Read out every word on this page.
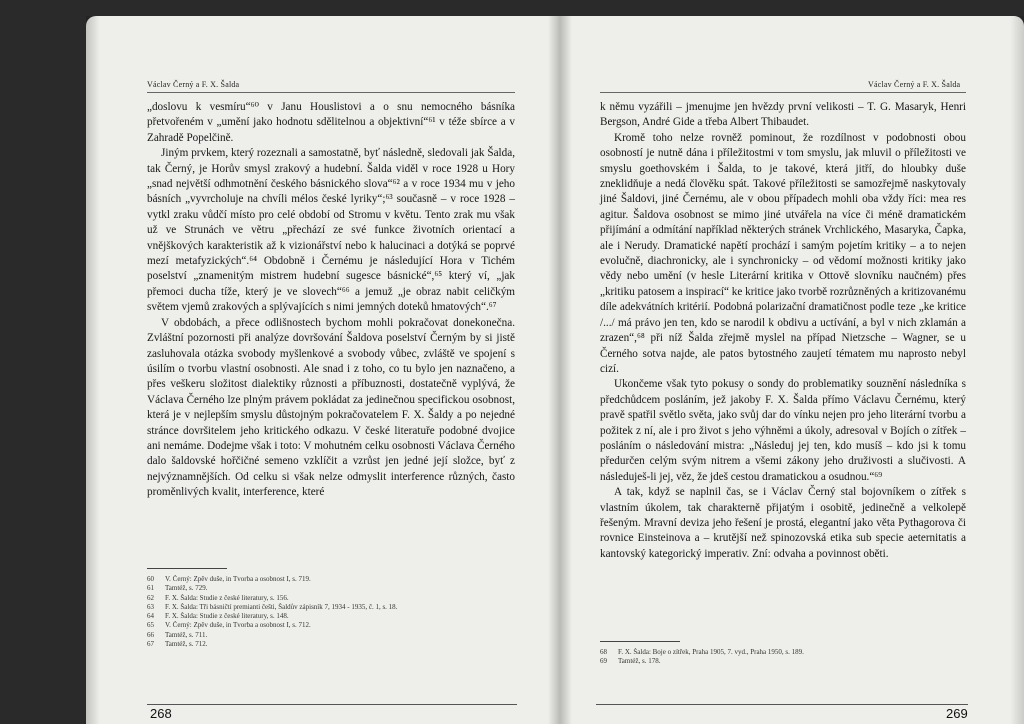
Václav Černý a F. X. Šalda

„doslovu k vesmíru“⁶⁰ v Janu Houslistovi a o snu nemocného básníka přetvořeném v „umění jako hodnotu sdělitelnou a objektivní“⁶¹ v téže sbírce a v Zahradě Popelčině.

Jiným prvkem, který rozeznali a samostatně, byť následně, sledovali jak Šalda, tak Černý, je Horův smysl zrakový a hudební. Šalda viděl v roce 1928 u Hory „snad největší odhmotnění českého básnického slova“⁶² a v roce 1934 mu v jeho básních „vyvrcholuje na chvíli mélos české lyriky“;⁶³ současně – v roce 1928 – vytkl zraku vůdčí místo pro celé období od Stromu v květu. Tento zrak mu však už ve Strunách ve větru „přechází ze své funkce životních orientací a vnějškových karakteristik až k vizionářství nebo k halucinaci a dotýká se poprvé mezí metafyzických“.⁶⁴ Obdobně i Černému je následující Hora v Tichém poselství „znamenitým mistrem hudební sugesce básnické“,⁶⁵ který ví, „jak přemoci ducha tíže, který je ve slovech“⁶⁶ a jemuž „je obraz nabit celičkým světem vjemů zrakových a splývajících s nimi jemných doteků hmatových“.⁶⁷

V obdobách, a přece odlišnostech bychom mohli pokračovat donekonečna. Zvláštní pozornosti při analýze dovršování Šaldova poselství Černým by si jistě zasluhovala otázka svobody myšlenkové a svobody vůbec, zvláště ve spojení s úsilím o tvorbu vlastní osobnosti. Ale snad i z toho, co tu bylo jen naznačeno, a přes veškeru složitost dialektiky různosti a příbuznosti, dostatečně vyplývá, že Václava Černého lze plným právem pokládat za jedinečnou specifickou osobnost, která je v nejlepším smyslu důstojným pokračovatelem F. X. Šaldy a po nejedné stránce dovršitelem jeho kritického odkazu. V české literatuře podobné dvojice ani nemáme. Dodejme však i toto: V mohutném celku osobnosti Václava Černého dalo šaldovské hořčičné semeno vzklíčit a vzrůst jen jedné její složce, byť z nejvýznamnějších. Od celku si však nelze odmyslit interference různých, často proměnlivých kvalit, interference, které

60	V. Černý: Zpěv duše, in Tvorba a osobnost I, s. 719.
61	Tamtéž, s. 729.
62	F. X. Šalda: Studie z české literatury, s. 156.
63	F. X. Šalda: Tři básničtí premianti češti, Šaldův zápisník 7, 1934 - 1935, č. 1, s. 18.
64	F. X. Šalda: Studie z české literatury, s. 148.
65	V. Černý: Zpěv duše, in Tvorba a osobnost I, s. 712.
66	Tamtéž, s. 711.
67	Tamtéž, s. 712.
268
Václav Černý a F. X. Šalda

k němu vyzářili – jmenujme jen hvězdy první velikosti – T. G. Masaryk, Henri Bergson, André Gide a třeba Albert Thibaudet.

Kromě toho nelze rovněž pominout, že rozdílnost v podobnosti obou osobností je nutně dána i příležitostmi v tom smyslu, jak mluvil o příležitosti ve smyslu goethovském i Šalda, to je takové, která jitří, do hloubky duše zneklidňuje a nedá člověku spát. Takové příležitosti se samozřejmě naskytovaly jiné Šaldovi, jiné Černému, ale v obou případech mohli oba vždy říci: mea res agitur. Šaldova osobnost se mimo jiné utvářela na více či méně dramatickém přijímání a odmítání například některých stránek Vrchlického, Masaryka, Čapka, ale i Nerudy. Dramatické napětí prochází i samým pojetím kritiky – a to nejen evolučně, diachronicky, ale i synchronicky – od vědomí možnosti kritiky jako vědy nebo umění (v hesle Literární kritika v Ottově slovníku naučném) přes „kritiku patosem a inspirací“ ke kritice jako tvorbě rozrůzněných a kritizovanému díle adekvátních kritérií. Podobná polarizační dramatičnost podle teze „ke kritice /.../ má právo jen ten, kdo se narodil k obdivu a uctívání, a byl v nich zklamán a zrazen“,⁶⁸ při níž Šalda zřejmě myslel na případ Nietzsche – Wagner, se u Černého sotva najde, ale patos bytostného zaujetí tématem mu naprosto nebyl cizí.

Ukončeme však tyto pokusy o sondy do problematiky souznění následníka s předchůdcem posláním, jež jakoby F. X. Šalda přímo Václavu Černému, který pravě spatřil světlo světa, jako svůj dar do vínku nejen pro jeho literární tvorbu a požitek z ní, ale i pro život s jeho výhněmi a úkoly, adresoval v Bojích o zítřek – posláním o následování mistra: „Následuj jej ten, kdo musíš – kdo jsi k tomu předurčen celým svým nitrem a všemi zákony jeho druživosti a slučivosti. A následuješ-li jej, věz, že jdeš cestou dramatickou a osudnou.“⁶⁹

A tak, když se naplnil čas, se i Václav Černý stal bojovníkem o zítřek s vlastním úkolem, tak charakterně přijatým i osobitě, jedinečně a velkolepě řešeným. Mravní deviza jeho řešení je prostá, elegantní jako věta Pythagorova či rovnice Einsteinova a – krutější než spinozovská etika sub specie aeternitatis a kantovský kategorický imperativ. Zní: odvaha a povinnost oběti.

68	F. X. Šalda: Boje o zítřek, Praha 1905, 7. vyd., Praha 1950, s. 189.
69	Tamtéž, s. 178.
269
